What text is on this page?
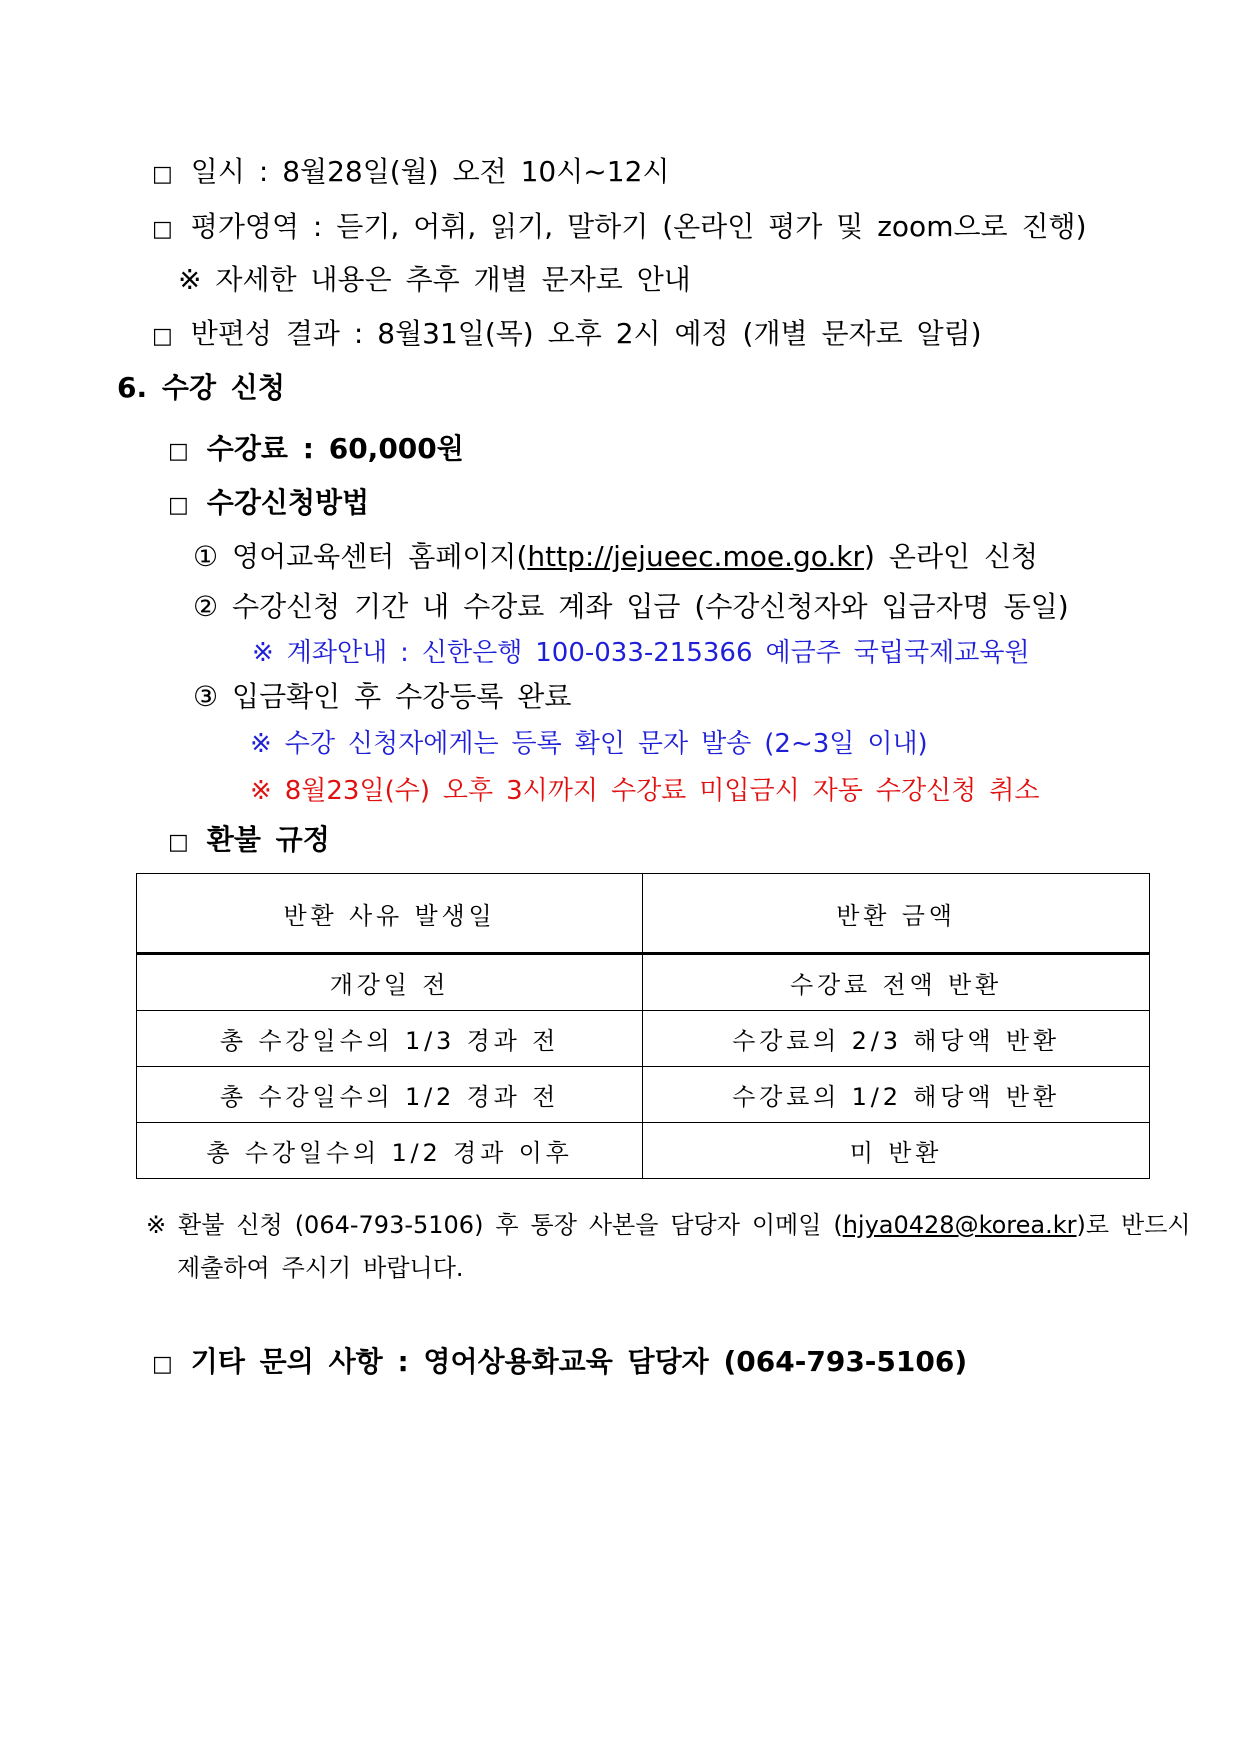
□ 일시 : 8월28일(월) 오전 10시~12시
□ 평가영역 : 듣기, 어휘, 읽기, 말하기 (온라인 평가 및 zoom으로 진행)
※ 자세한 내용은 추후 개별 문자로 안내
□ 반편성 결과 : 8월31일(목) 오후 2시 예정 (개별 문자로 알림)
6. 수강 신청
□ 수강료 : 60,000원
□ 수강신청방법
① 영어교육센터 홈페이지(http://jejueec.moe.go.kr) 온라인 신청
② 수강신청 기간 내 수강료 계좌 입금 (수강신청자와 입금자명 동일)
※ 계좌안내 : 신한은행 100-033-215366 예금주 국립국제교육원
③ 입금확인 후 수강등록 완료
※ 수강 신청자에게는 등록 확인 문자 발송 (2∼3일 이내)
※ 8월23일(수) 오후 3시까지 수강료 미입금시 자동 수강신청 취소
□ 환불 규정
반환 사유 발생일	반환 금액
개강일 전	수강료 전액 반환
총 수강일수의 1/3 경과 전	수강료의 2/3 해당액 반환
총 수강일수의 1/2 경과 전	수강료의 1/2 해당액 반환
총 수강일수의 1/2 경과 이후	미 반환
※ 환불 신청 (064-793-5106) 후 통장 사본을 담당자 이메일 (hjya0428@korea.kr)로 반드시
제출하여 주시기 바랍니다.
□ 기타 문의 사항 : 영어상용화교육 담당자 (064-793-5106)
